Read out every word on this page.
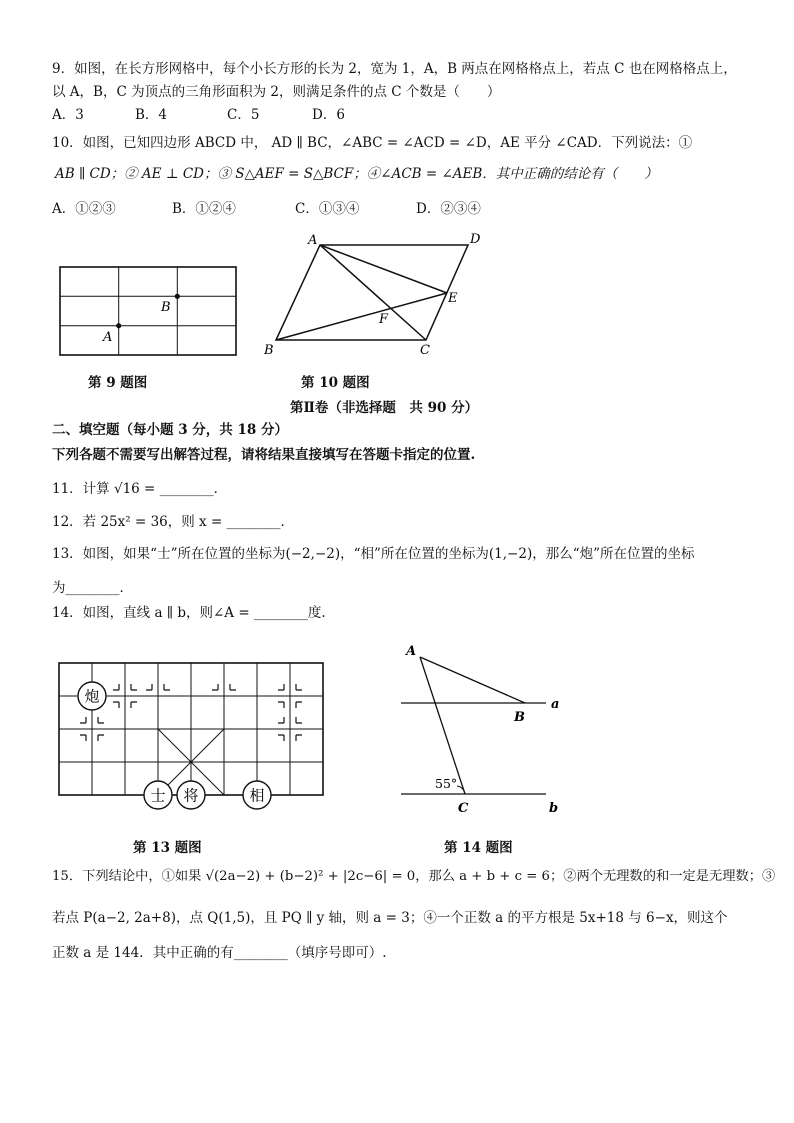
9．如图，在长方形网格中，每个小长方形的长为 2，宽为 1，A，B 两点在网格格点上，若点 C 也在网格格点上，
以 A，B，C 为顶点的三角形面积为 2，则满足条件的点 C 个数是（　　）
A．3	B．4	C．5	D．6
10．如图，已知四边形 ABCD 中， AD ∥ BC，∠ABC = ∠ACD = ∠D，AE 平分 ∠CAD．下列说法：①
AB ∥ CD；② AE ⊥ CD；③ S△AEF = S△BCF；④∠ACB = ∠AEB．其中正确的结论有（　　）
A．①②③	B．①②④	C．①③④	D．②③④
A
B
第 9 题图
A	D
E
F
B	C
第 10 题图
第Ⅱ卷（非选择题　共 90 分）
二、填空题（每小题 3 分，共 18 分）
下列各题不需要写出解答过程，请将结果直接填写在答题卡指定的位置.
11．计算 √16 = ________．
12．若 25x² = 36，则 x = ________．
13．如图，如果“士”所在位置的坐标为(−2,−2)，“相”所在位置的坐标为(1,−2)，那么“炮”所在位置的坐标
为________．
14．如图，直线 a ∥ b，则∠A = ________度.
炮
士 将	相
第 13 题图
A
B
C
a
b
55°
第 14 题图
15．下列结论中，①如果 √(2a−2) + (b−2)² + |2c−6| = 0，那么 a + b + c = 6；②两个无理数的和一定是无理数；③
若点 P(a−2, 2a+8)，点 Q(1,5)，且 PQ ∥ y 轴，则 a = 3；④一个正数 a 的平方根是 5x+18 与 6−x，则这个
正数 a 是 144．其中正确的有________（填序号即可）.
